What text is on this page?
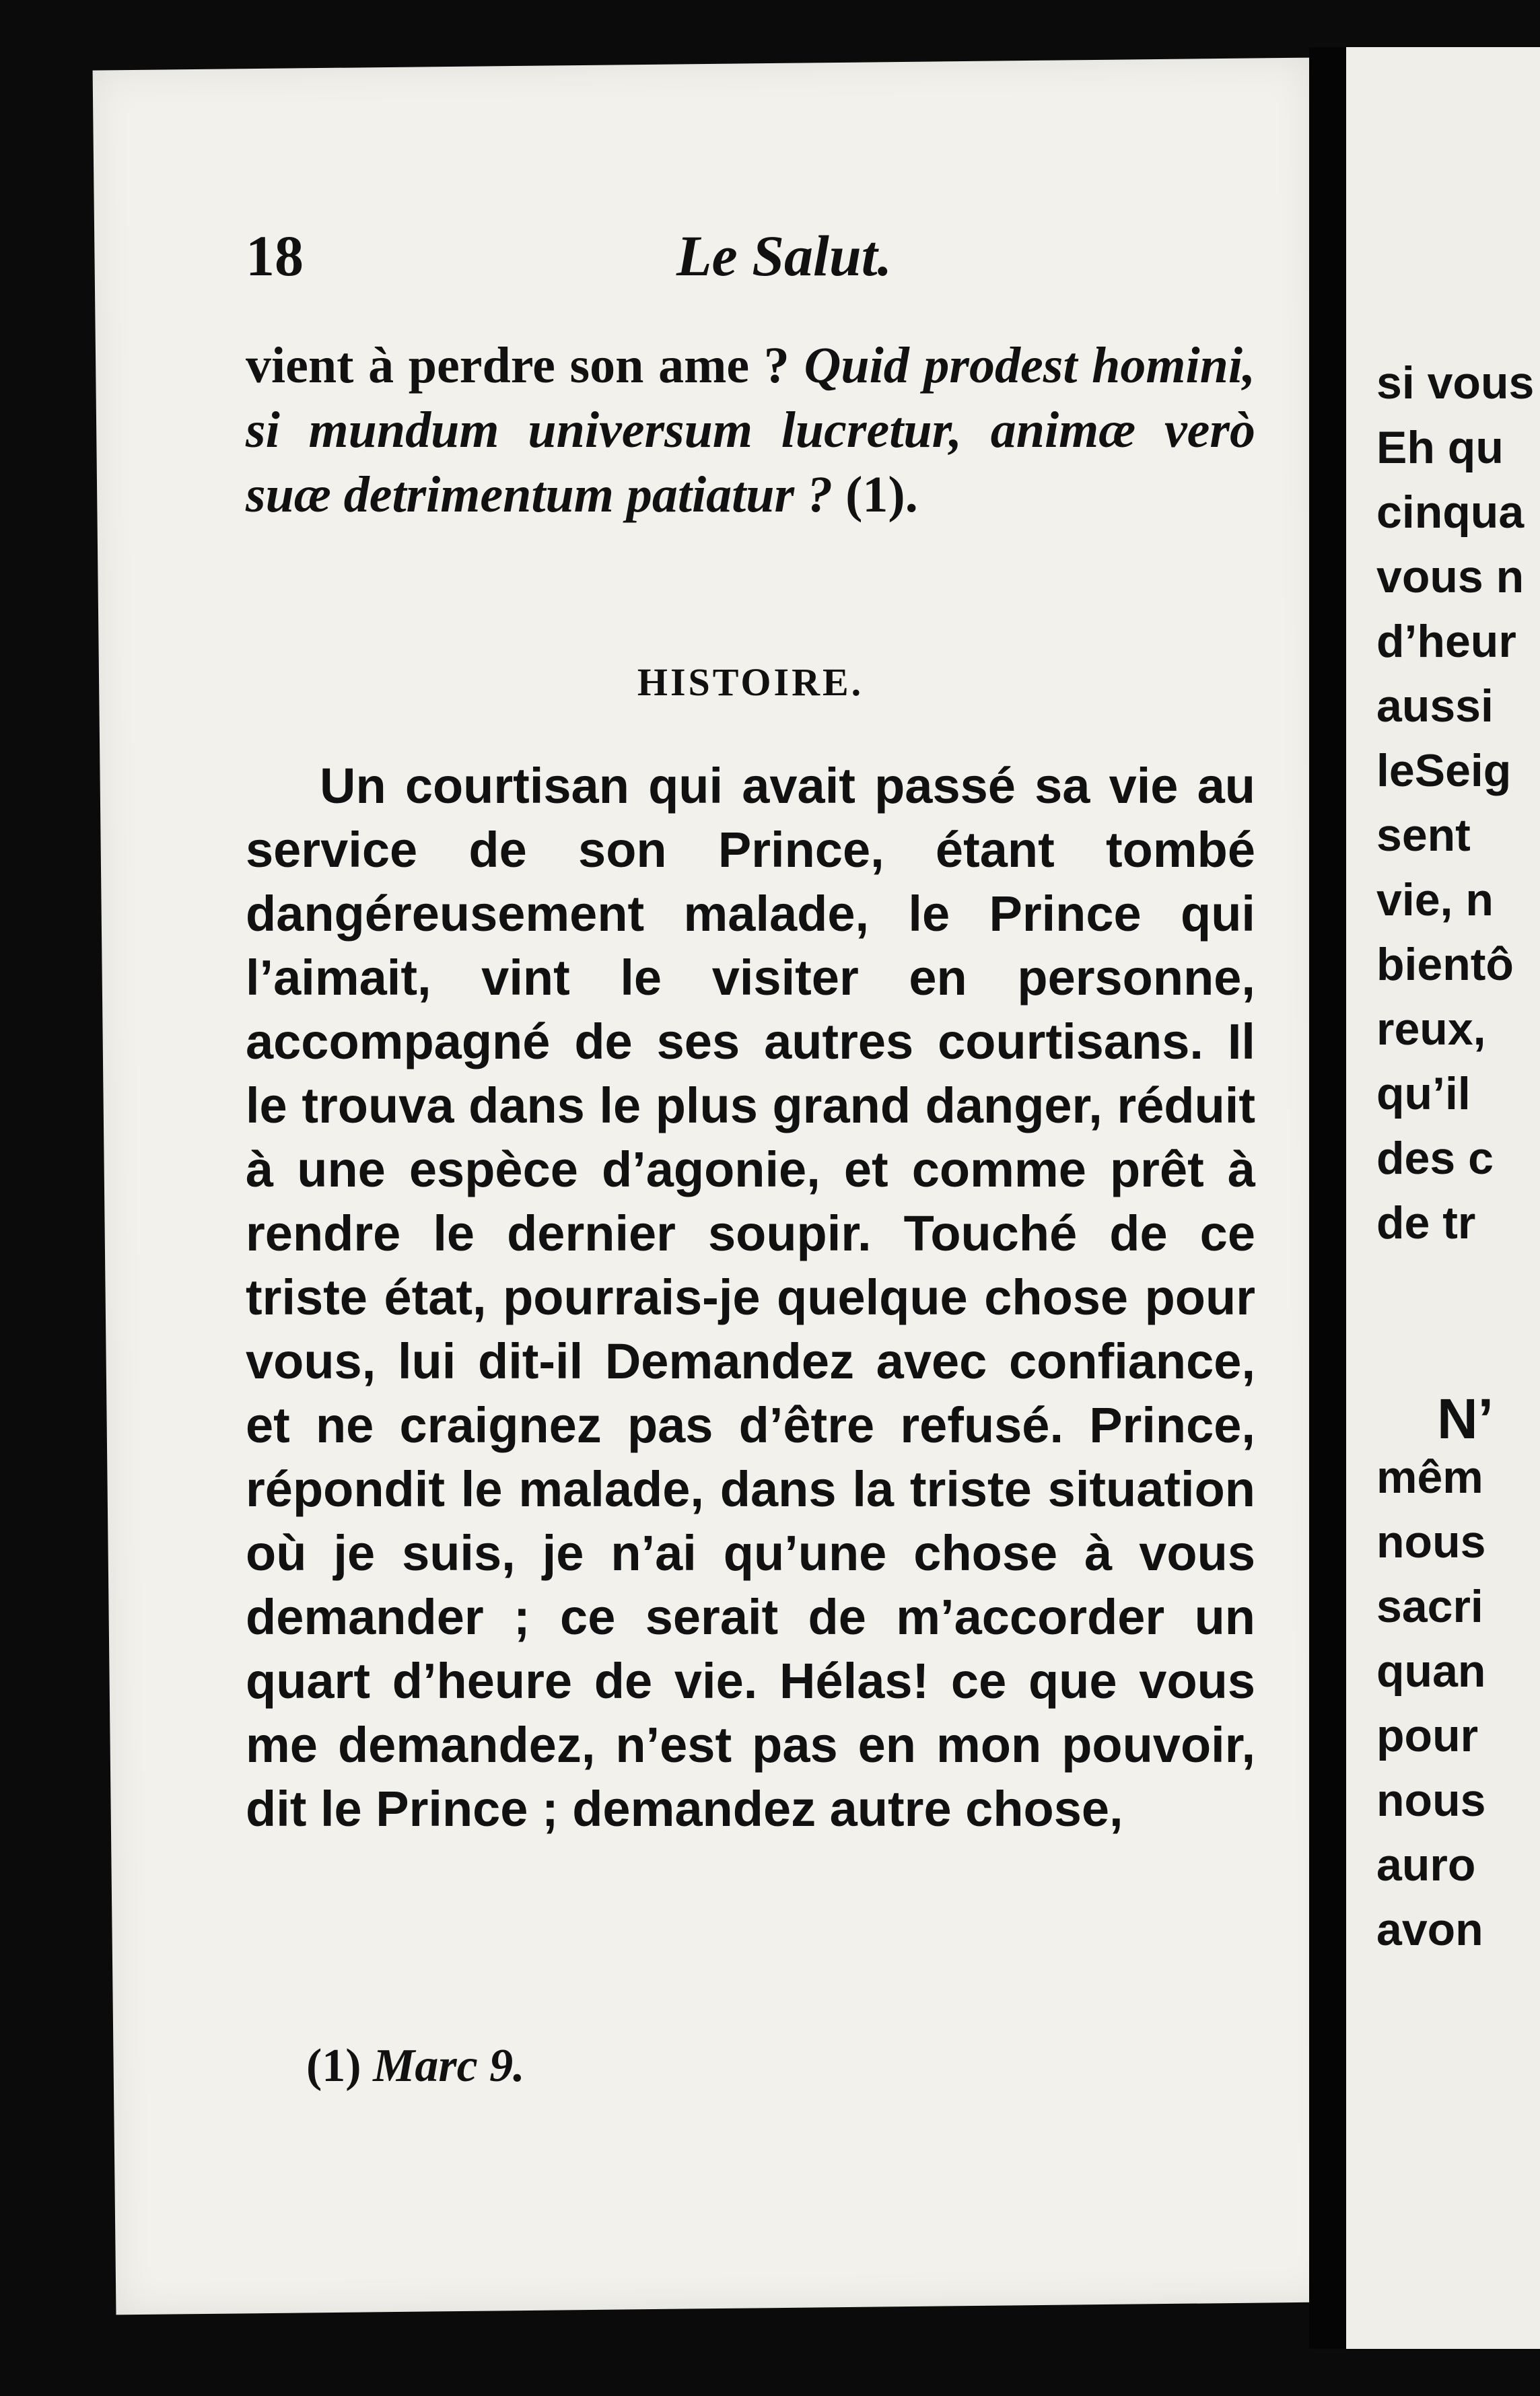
18	Le Salut.
vient à perdre son ame ? Quid prodest homini, si mundum universum lucretur, animæ verò suæ detrimentum patiatur ? (1).
HISTOIRE.

Un courtisan qui avait passé sa vie au service de son Prince, étant tombé dangéreusement malade, le Prince qui l’aimait, vint le visiter en personne, accompagné de ses autres courtisans. Il le trouva dans le plus grand danger, réduit à une espèce d’agonie, et comme prêt à rendre le dernier soupir. Touché de ce triste état, pourrais-je quelque chose pour vous, lui dit-il Demandez avec confiance, et ne craignez pas d’être refusé. Prince, répondit le malade, dans la triste situation où je suis, je n’ai qu’une chose à vous demander ; ce serait de m’accorder un quart d’heure de vie. Hélas! ce que vous me demandez, n’est pas en mon pouvoir, dit le Prince ; demandez autre chose,

(1) Marc 9.
si vous
Eh qu
cinqua
vous n
d’heur
aussi
leSeig
sent
vie, n
bientô
reux,
qu’il
des c
de tr
N’
mêm
nous
sacri
quan
pour
nous
auro
avon
